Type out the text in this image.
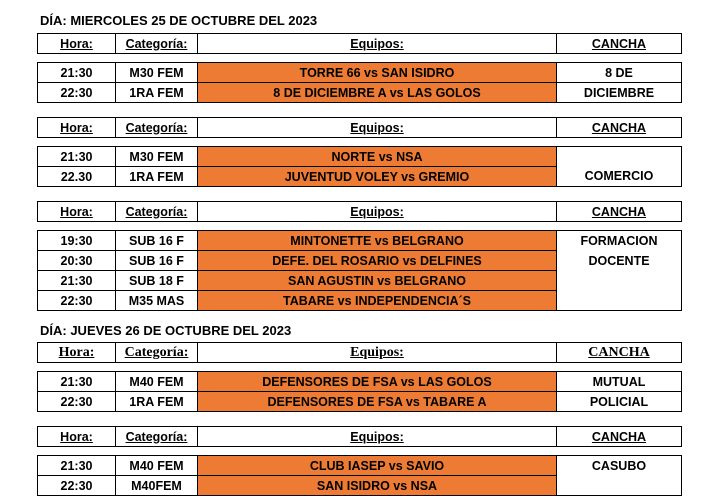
DÍA: MIERCOLES 25 DE OCTUBRE DEL 2023
Hora:	Categoría:	Equipos:	CANCHA

21:30	M30 FEM	TORRE 66 vs SAN ISIDRO	8 DE
22:30	1RA FEM	8 DE DICIEMBRE A vs LAS GOLOS	DICIEMBRE
Hora:	Categoría:	Equipos:	CANCHA

21:30	M30 FEM	NORTE vs NSA	
22.30	1RA FEM	JUVENTUD VOLEY vs GREMIO	COMERCIO
Hora:	Categoría:	Equipos:	CANCHA

19:30	SUB 16 F	MINTONETTE vs BELGRANO	FORMACION
20:30	SUB 16 F	DEFE. DEL ROSARIO vs DELFINES	DOCENTE
21:30	SUB 18 F	SAN AGUSTIN vs BELGRANO	
22:30	M35 MAS	TABARE vs INDEPENDENCIA´S	
DÍA: JUEVES 26 DE OCTUBRE DEL 2023
Hora:	Categoría:	Equipos:	CANCHA

21:30	M40 FEM	DEFENSORES DE FSA vs LAS GOLOS	MUTUAL
22:30	1RA FEM	DEFENSORES DE FSA vs TABARE A	POLICIAL
Hora:	Categoría:	Equipos:	CANCHA

21:30	M40 FEM	CLUB IASEP vs SAVIO	CASUBO
22:30	M40FEM	SAN ISIDRO vs NSA	
